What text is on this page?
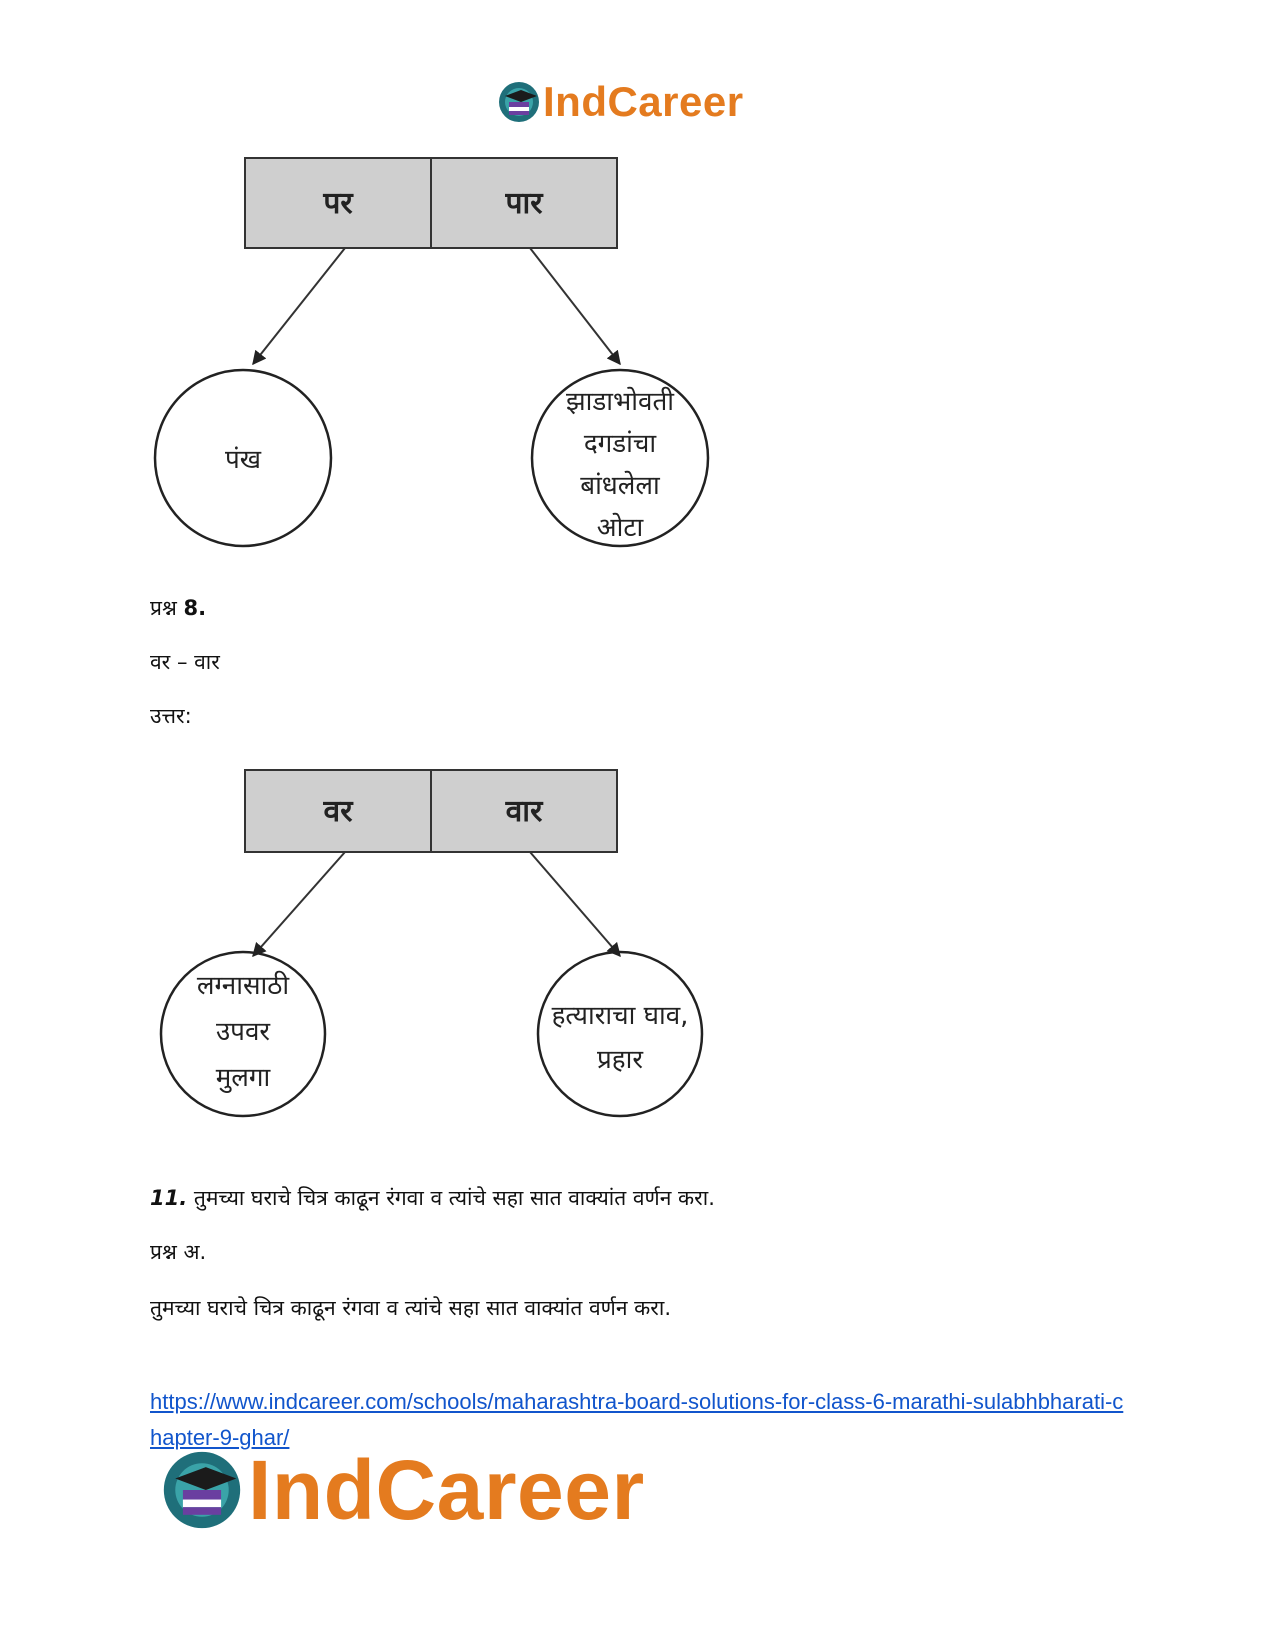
IndCareer
पर	पार
पंख
झाडाभोवती
दगडांचा
बांधलेला
ओटा
प्रश्न 8.
वर – वार
उत्तर:
वर	वार
लग्नासाठी
उपवर
मुलगा
हत्याराचा घाव,
प्रहार
11. तुमच्या घराचे चित्र काढून रंगवा व त्यांचे सहा सात वाक्यांत वर्णन करा.
प्रश्न अ.
तुमच्या घराचे चित्र काढून रंगवा व त्यांचे सहा सात वाक्यांत वर्णन करा.
https://www.indcareer.com/schools/maharashtra-board-solutions-for-class-6-marathi-sulabhbharati-chapter-9-ghar/
IndCareer
